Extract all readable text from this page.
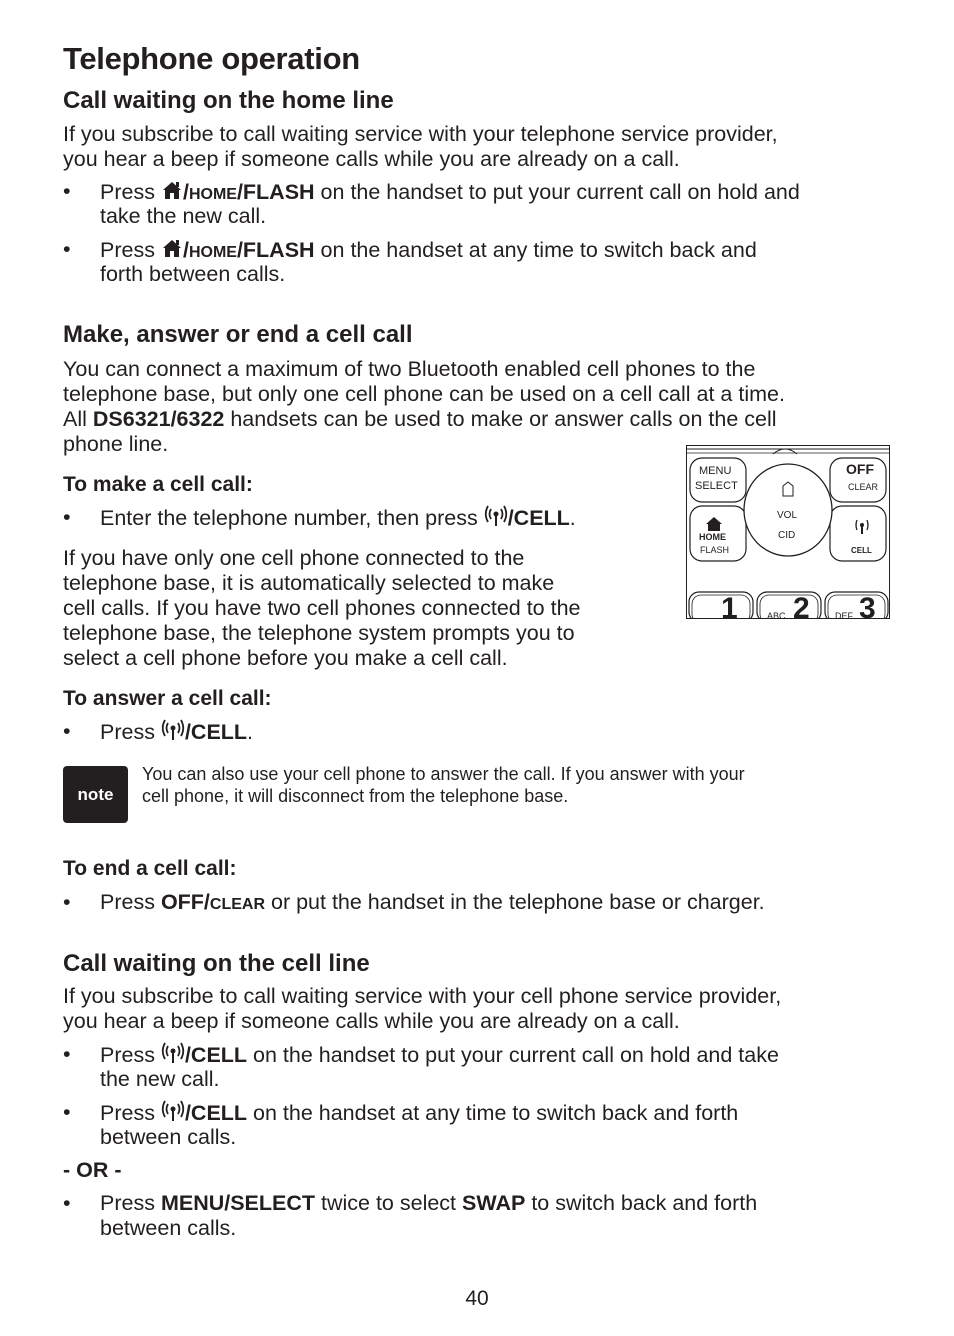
Telephone operation
Call waiting on the home line
If you subscribe to call waiting service with your telephone service provider,
you hear a beep if someone calls while you are already on a call.
• Press /HOME/FLASH on the handset to put your current call on hold and
take the new call.
• Press /HOME/FLASH on the handset at any time to switch back and
forth between calls.
Make, answer or end a cell call
You can connect a maximum of two Bluetooth enabled cell phones to the
telephone base, but only one cell phone can be used on a cell call at a time.
All DS6321/6322 handsets can be used to make or answer calls on the cell
phone line.
To make a cell call:
• Enter the telephone number, then press /CELL.
If you have only one cell phone connected to the
telephone base, it is automatically selected to make
cell calls. If you have two cell phones connected to the
telephone base, the telephone system prompts you to
select a cell phone before you make a cell call.
MENU
SELECT
OFF
CLEAR
VOL
CID
HOME
FLASH	CELL
1	ABC 2	DEF 3
To answer a cell call:
• Press /CELL.
note
You can also use your cell phone to answer the call. If you answer with your
cell phone, it will disconnect from the telephone base.
To end a cell call:
• Press OFF/CLEAR or put the handset in the telephone base or charger.
Call waiting on the cell line
If you subscribe to call waiting service with your cell phone service provider,
you hear a beep if someone calls while you are already on a call.
• Press /CELL on the handset to put your current call on hold and take
the new call.
• Press /CELL on the handset at any time to switch back and forth
between calls.
- OR -
• Press MENU/SELECT twice to select SWAP to switch back and forth
between calls.
40
